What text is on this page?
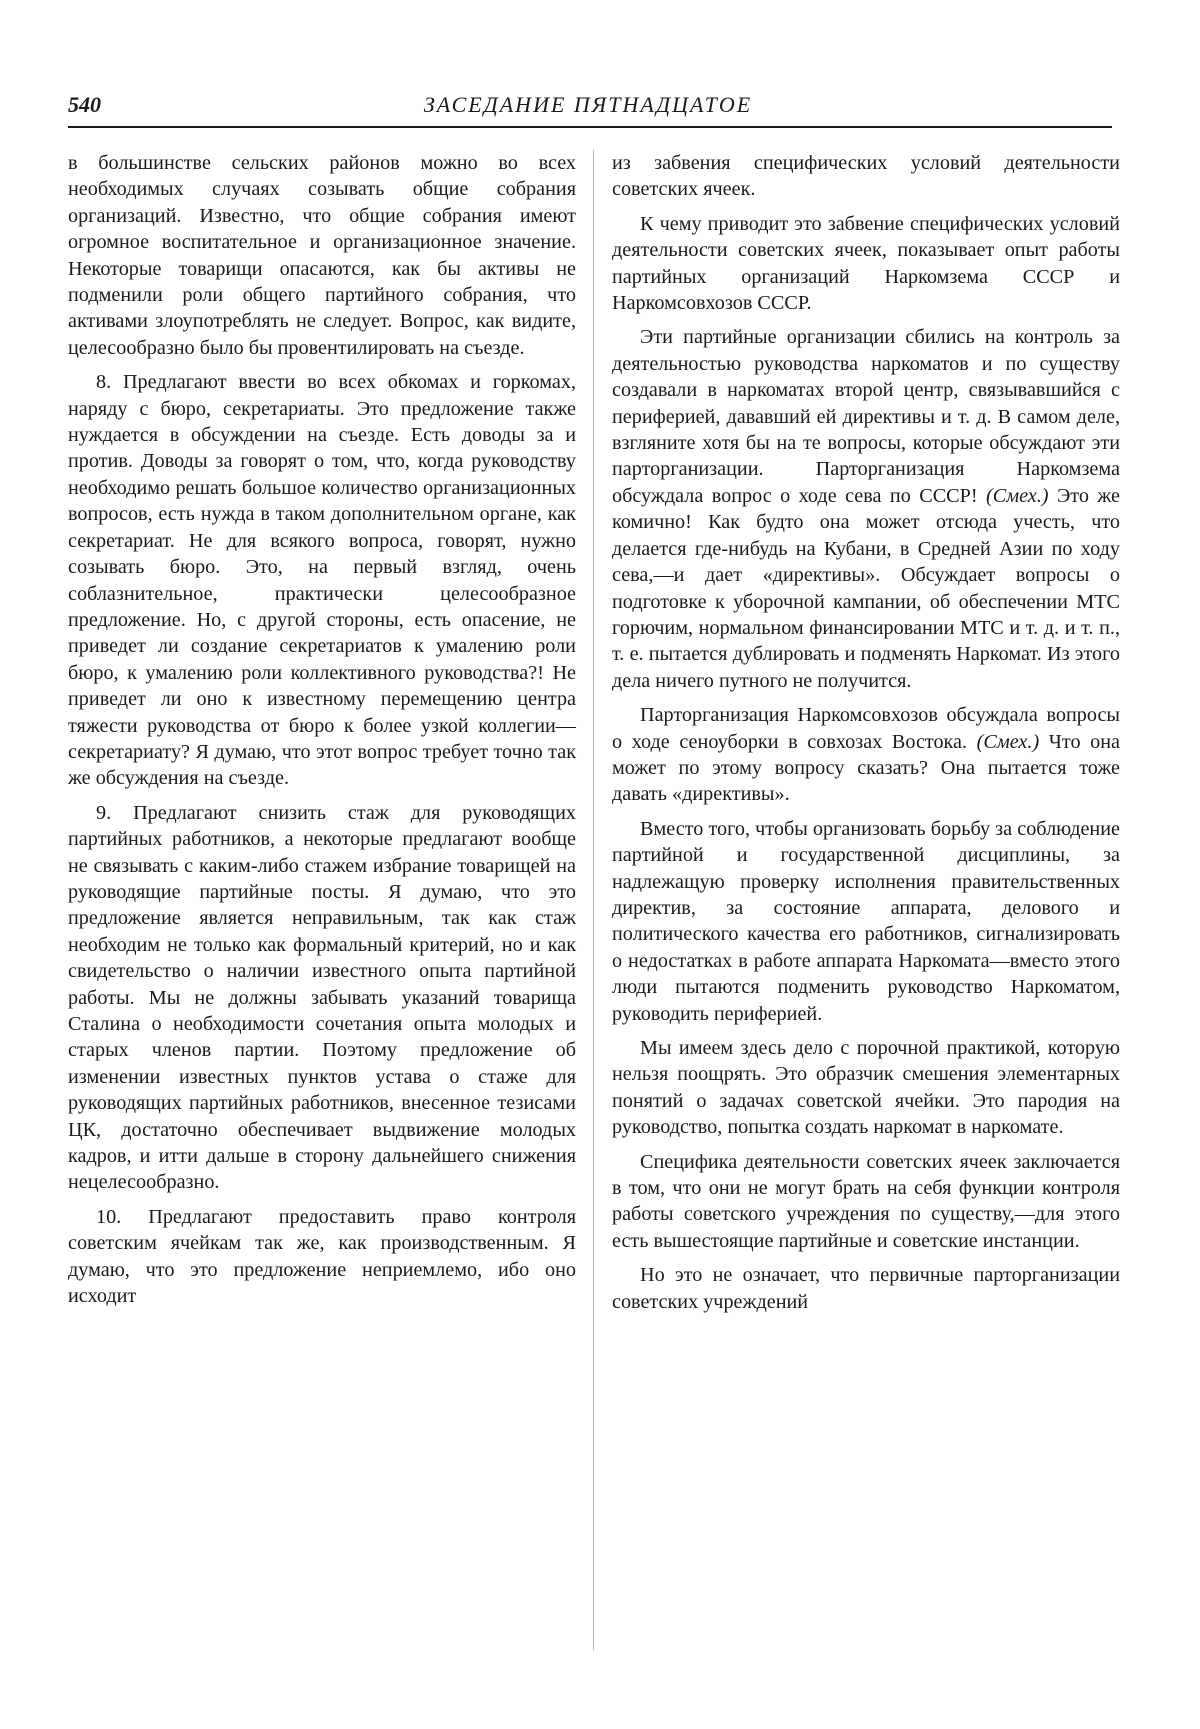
540	ЗАСЕДАНИЕ ПЯТНАДЦАТОЕ

в большинстве сельских районов можно во всех необходимых случаях созывать общие собрания организаций. Известно, что общие собрания имеют огромное воспитательное и организационное значение. Некоторые товарищи опасаются, как бы активы не подменили роли общего партийного собрания, что активами злоупотреблять не следует. Вопрос, как видите, целесообразно было бы провентилировать на съезде.

8. Предлагают ввести во всех обкомах и горкомах, наряду с бюро, секретариаты. Это предложение также нуждается в обсуждении на съезде. Есть доводы за и против. Доводы за говорят о том, что, когда руководству необходимо решать большое количество организационных вопросов, есть нужда в таком дополнительном органе, как секретариат. Не для всякого вопроса, говорят, нужно созывать бюро. Это, на первый взгляд, очень соблазнительное, практически целесообразное предложение. Но, с другой стороны, есть опасение, не приведет ли создание секретариатов к умалению роли бюро, к умалению роли коллективного руководства?! Не приведет ли оно к известному перемещению центра тяжести руководства от бюро к более узкой коллегии—секретариату? Я думаю, что этот вопрос требует точно так же обсуждения на съезде.

9. Предлагают снизить стаж для руководящих партийных работников, а некоторые предлагают вообще не связывать с каким-либо стажем избрание товарищей на руководящие партийные посты. Я думаю, что это предложение является неправильным, так как стаж необходим не только как формальный критерий, но и как свидетельство о наличии известного опыта партийной работы. Мы не должны забывать указаний товарища Сталина о необходимости сочетания опыта молодых и старых членов партии. Поэтому предложение об изменении известных пунктов устава о стаже для руководящих партийных работников, внесенное тезисами ЦК, достаточно обеспечивает выдвижение молодых кадров, и итти дальше в сторону дальнейшего снижения нецелесообразно.

10. Предлагают предоставить право контроля советским ячейкам так же, как производственным. Я думаю, что это предложение неприемлемо, ибо оно исходит

из забвения специфических условий деятельности советских ячеек.

К чему приводит это забвение специфических условий деятельности советских ячеек, показывает опыт работы партийных организаций Наркомзема СССР и Наркомсовхозов СССР.

Эти партийные организации сбились на контроль за деятельностью руководства наркоматов и по существу создавали в наркоматах второй центр, связывавшийся с периферией, дававший ей директивы и т. д. В самом деле, взгляните хотя бы на те вопросы, которые обсуждают эти парторганизации. Парторганизация Наркомзема обсуждала вопрос о ходе сева по СССР! (Смех.) Это же комично! Как будто она может отсюда учесть, что делается где-нибудь на Кубани, в Средней Азии по ходу сева,—и дает «директивы». Обсуждает вопросы о подготовке к уборочной кампании, об обеспечении МТС горючим, нормальном финансировании МТС и т. д. и т. п., т. е. пытается дублировать и подменять Наркомат. Из этого дела ничего путного не получится.

Парторганизация Наркомсовхозов обсуждала вопросы о ходе сеноуборки в совхозах Востока. (Смех.) Что она может по этому вопросу сказать? Она пытается тоже давать «директивы».

Вместо того, чтобы организовать борьбу за соблюдение партийной и государственной дисциплины, за надлежащую проверку исполнения правительственных директив, за состояние аппарата, делового и политического качества его работников, сигнализировать о недостатках в работе аппарата Наркомата—вместо этого люди пытаются подменить руководство Наркоматом, руководить периферией.

Мы имеем здесь дело с порочной практикой, которую нельзя поощрять. Это образчик смешения элементарных понятий о задачах советской ячейки. Это пародия на руководство, попытка создать наркомат в наркомате.

Специфика деятельности советских ячеек заключается в том, что они не могут брать на себя функции контроля работы советского учреждения по существу,—для этого есть вышестоящие партийные и советские инстанции.

Но это не означает, что первичные парторганизации советских учреждений
